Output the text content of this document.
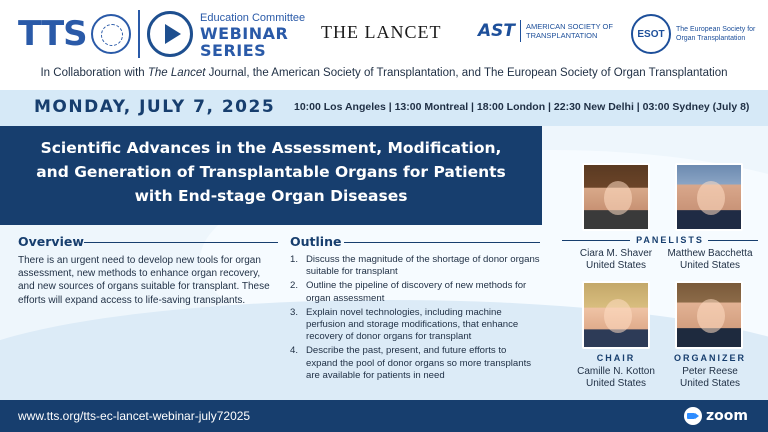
TTS	Education Committee
WEBINAR
SERIES
THE LANCET AST AMERICAN SOCIETY OF
TRANSPLANTATION	ESOT	The European Society for Organ Transplantation
In Collaboration with The Lancet Journal, the American Society of Transplantation, and The European Society of Organ Transplantation
MONDAY, JULY 7, 2025 10:00 Los Angeles | 13:00 Montreal | 18:00 London | 22:30 New Delhi | 03:00 Sydney (July 8)
Scientific Advances in the Assessment, Modification,
and Generation of Transplantable Organs for Patients
with End-stage Organ Diseases
Overview
There is an urgent need to develop new tools for organ assessment, new methods to enhance organ recovery, and new sources of organs suitable for transplant. These efforts will expand access to life-saving transplants.
Outline
1. Discuss the magnitude of the shortage of donor organs suitable for transplant
2. Outline the pipeline of discovery of new methods for organ assessment
3. Explain novel technologies, including machine perfusion and storage modifications, that enhance recovery of donor organs for transplant
4. Describe the past, present, and future efforts to expand the pool of donor organs so more transplants are available for patients in need
PANELISTS
Ciara M. Shaver
United States
Matthew Bacchetta
United States
CHAIR	ORGANIZER
Camille N. Kotton
United States
Peter Reese
United States
www.tts.org/tts-ec-lancet-webinar-july72025	zoom
